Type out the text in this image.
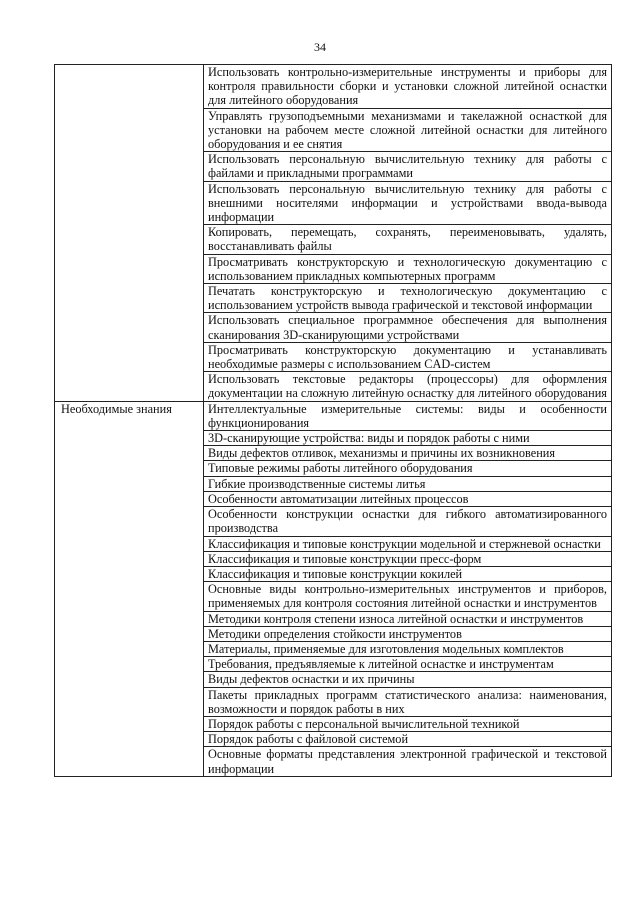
34
	Использовать контрольно-измерительные инструменты и приборы для контроля правильности сборки и установки сложной литейной оснастки для литейного оборудования
	Управлять грузоподъемными механизмами и такелажной оснасткой для установки на рабочем месте сложной литейной оснастки для литейного оборудования и ее снятия
	Использовать персональную вычислительную технику для работы с файлами и прикладными программами
	Использовать персональную вычислительную технику для работы с внешними носителями информации и устройствами ввода-вывода информации
	Копировать, перемещать, сохранять, переименовывать, удалять, восстанавливать файлы
	Просматривать конструкторскую и технологическую документацию с использованием прикладных компьютерных программ
	Печатать конструкторскую и технологическую документацию с использованием устройств вывода графической и текстовой информации
	Использовать специальное программное обеспечения для выполнения сканирования 3D-сканирующими устройствами
	Просматривать конструкторскую документацию и устанавливать необходимые размеры с использованием CAD-систем
	Использовать текстовые редакторы (процессоры) для оформления документации на сложную литейную оснастку для литейного оборудования
Необходимые знания	Интеллектуальные измерительные системы: виды и особенности функционирования
	3D-сканирующие устройства: виды и порядок работы с ними
	Виды дефектов отливок, механизмы и причины их возникновения
	Типовые режимы работы литейного оборудования
	Гибкие производственные системы литья
	Особенности автоматизации литейных процессов
	Особенности конструкции оснастки для гибкого автоматизированного производства
	Классификация и типовые конструкции модельной и стержневой оснастки
	Классификация и типовые конструкции пресс-форм
	Классификация и типовые конструкции кокилей
	Основные виды контрольно-измерительных инструментов и приборов, применяемых для контроля состояния литейной оснастки и инструментов
	Методики контроля степени износа литейной оснастки и инструментов
	Методики определения стойкости инструментов
	Материалы, применяемые для изготовления модельных комплектов
	Требования, предъявляемые к литейной оснастке и инструментам
	Виды дефектов оснастки и их причины
	Пакеты прикладных программ статистического анализа: наименования, возможности и порядок работы в них
	Порядок работы с персональной вычислительной техникой
	Порядок работы с файловой системой
	Основные форматы представления электронной графической и текстовой информации
